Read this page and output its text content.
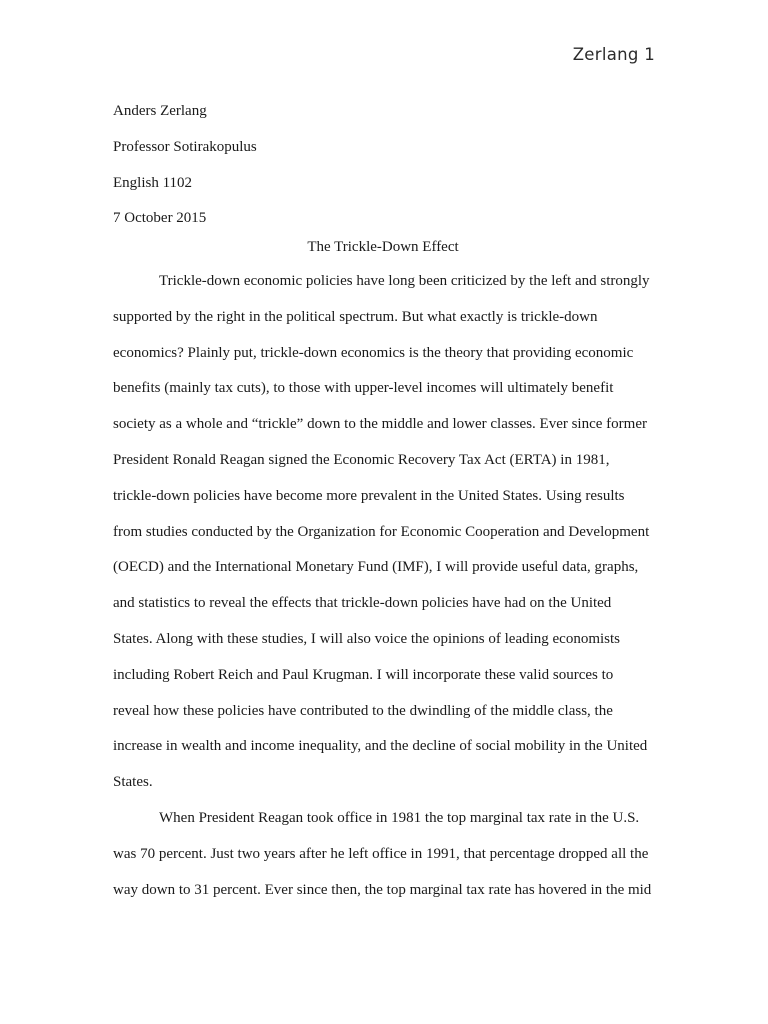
Zerlang 1
Anders Zerlang
Professor Sotirakopulus
English 1102
7 October 2015
The Trickle-Down Effect

Trickle-down economic policies have long been criticized by the left and strongly
supported by the right in the political spectrum. But what exactly is trickle-down
economics? Plainly put, trickle-down economics is the theory that providing economic
benefits (mainly tax cuts), to those with upper-level incomes will ultimately benefit
society as a whole and “trickle” down to the middle and lower classes. Ever since former
President Ronald Reagan signed the Economic Recovery Tax Act (ERTA) in 1981,
trickle-down policies have become more prevalent in the United States. Using results
from studies conducted by the Organization for Economic Cooperation and Development
(OECD) and the International Monetary Fund (IMF), I will provide useful data, graphs,
and statistics to reveal the effects that trickle-down policies have had on the United
States. Along with these studies, I will also voice the opinions of leading economists
including Robert Reich and Paul Krugman. I will incorporate these valid sources to
reveal how these policies have contributed to the dwindling of the middle class, the
increase in wealth and income inequality, and the decline of social mobility in the United
States.

When President Reagan took office in 1981 the top marginal tax rate in the U.S.
was 70 percent. Just two years after he left office in 1991, that percentage dropped all the
way down to 31 percent. Ever since then, the top marginal tax rate has hovered in the mid
